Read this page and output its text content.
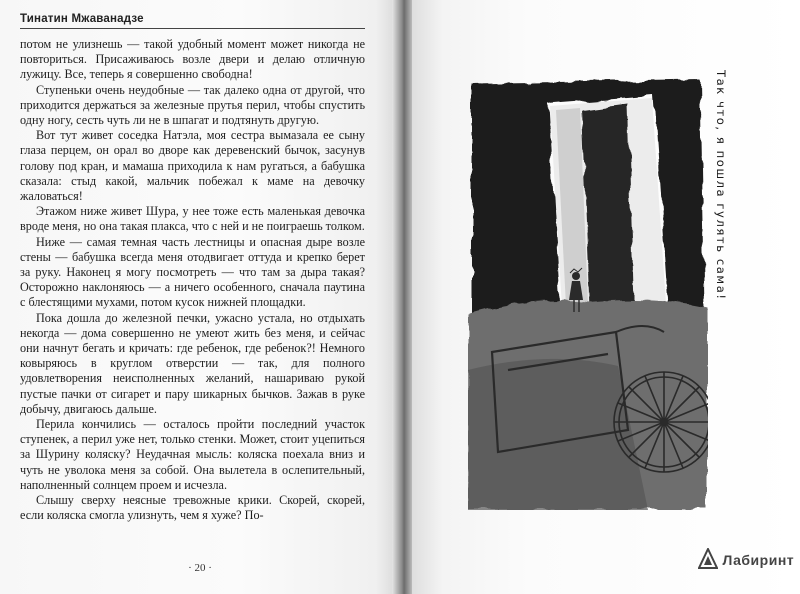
Тинатин Мжаванадзе

потом не улизнешь — такой удобный момент может никогда не повториться. Присаживаюсь возле двери и делаю отличную лужицу. Все, теперь я совершенно свободна!

Ступеньки очень неудобные — так далеко одна от другой, что приходится держаться за железные прутья перил, чтобы спустить одну ногу, сесть чуть ли не в шпагат и подтянуть другую.

Вот тут живет соседка Натэла, моя сестра вымазала ее сыну глаза перцем, он орал во дворе как деревенский бычок, засунув голову под кран, и мамаша приходила к нам ругаться, а бабушка сказала: стыд какой, мальчик побежал к маме на девочку жаловаться!

Этажом ниже живет Шура, у нее тоже есть маленькая девочка вроде меня, но она такая плакса, что с ней и не поиграешь толком.

Ниже — самая темная часть лестницы и опасная дыре возле стены — бабушка всегда меня отодвигает оттуда и крепко берет за руку. Наконец я могу посмотреть — что там за дыра такая? Осторожно наклоняюсь — а ничего особенного, сначала паутина с блестящими мухами, потом кусок нижней площадки.

Пока дошла до железной печки, ужасно устала, но отдыхать некогда — дома совершенно не умеют жить без меня, и сейчас они начнут бегать и кричать: где ребенок, где ребенок?! Немного ковыряюсь в круглом отверстии — так, для полного удовлетворения неисполненных желаний, нашариваю рукой пустые пачки от сигарет и пару шикарных бычков. Зажав в руке добычу, двигаюсь дальше.

Перила кончились — осталось пройти последний участок ступенек, а перил уже нет, только стенки. Может, стоит уцепиться за Шурину коляску? Неудачная мысль: коляска поехала вниз и чуть не уволока меня за собой. Она вылетела в ослепительный, наполненный солнцем проем и исчезла.

Слышу сверху неясные тревожные крики. Скорей, скорей, если коляска смогла улизнуть, чем я хуже? По-

· 20 ·
Так что, я пошла гулять сама!
Лабиринт
